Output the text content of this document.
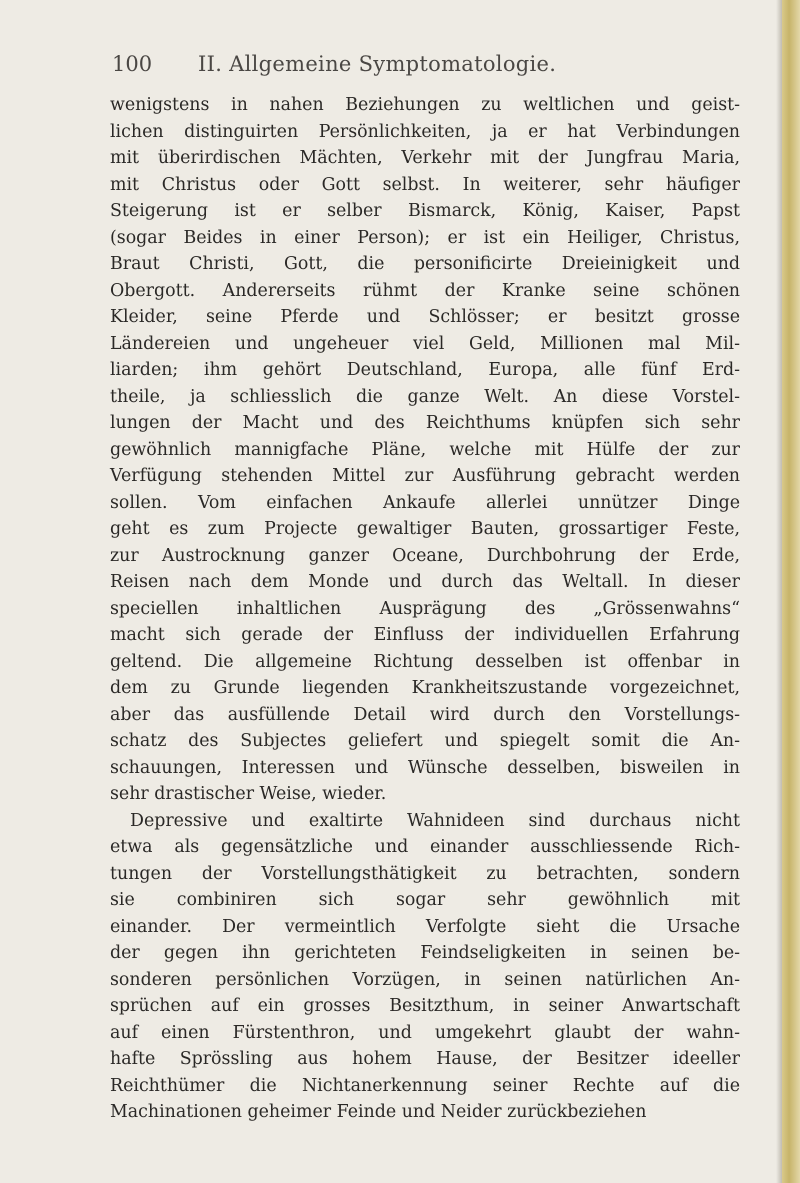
100 II. Allgemeine Symptomatologie.
wenigstens in nahen Beziehungen zu weltlichen und geist-
lichen distinguirten Persönlichkeiten, ja er hat Verbindungen
mit überirdischen Mächten, Verkehr mit der Jungfrau Maria,
mit Christus oder Gott selbst. In weiterer, sehr häufiger
Steigerung ist er selber Bismarck, König, Kaiser, Papst
(sogar Beides in einer Person); er ist ein Heiliger, Christus,
Braut Christi, Gott, die personificirte Dreieinigkeit und
Obergott. Andererseits rühmt der Kranke seine schönen
Kleider, seine Pferde und Schlösser; er besitzt grosse
Ländereien und ungeheuer viel Geld, Millionen mal Mil-
liarden; ihm gehört Deutschland, Europa, alle fünf Erd-
theile, ja schliesslich die ganze Welt. An diese Vorstel-
lungen der Macht und des Reichthums knüpfen sich sehr
gewöhnlich mannigfache Pläne, welche mit Hülfe der zur
Verfügung stehenden Mittel zur Ausführung gebracht werden
sollen. Vom einfachen Ankaufe allerlei unnützer Dinge
geht es zum Projecte gewaltiger Bauten, grossartiger Feste,
zur Austrocknung ganzer Oceane, Durchbohrung der Erde,
Reisen nach dem Monde und durch das Weltall. In dieser
speciellen inhaltlichen Ausprägung des „Grössenwahns“
macht sich gerade der Einfluss der individuellen Erfahrung
geltend. Die allgemeine Richtung desselben ist offenbar in
dem zu Grunde liegenden Krankheitszustande vorgezeichnet,
aber das ausfüllende Detail wird durch den Vorstellungs-
schatz des Subjectes geliefert und spiegelt somit die An-
schauungen, Interessen und Wünsche desselben, bisweilen in
sehr drastischer Weise, wieder.
Depressive und exaltirte Wahnideen sind durchaus nicht
etwa als gegensätzliche und einander ausschliessende Rich-
tungen der Vorstellungsthätigkeit zu betrachten, sondern
sie combiniren sich sogar sehr gewöhnlich mit
einander. Der vermeintlich Verfolgte sieht die Ursache
der gegen ihn gerichteten Feindseligkeiten in seinen be-
sonderen persönlichen Vorzügen, in seinen natürlichen An-
sprüchen auf ein grosses Besitzthum, in seiner Anwartschaft
auf einen Fürstenthron, und umgekehrt glaubt der wahn-
hafte Sprössling aus hohem Hause, der Besitzer ideeller
Reichthümer die Nichtanerkennung seiner Rechte auf die
Machinationen geheimer Feinde und Neider zurückbeziehen
